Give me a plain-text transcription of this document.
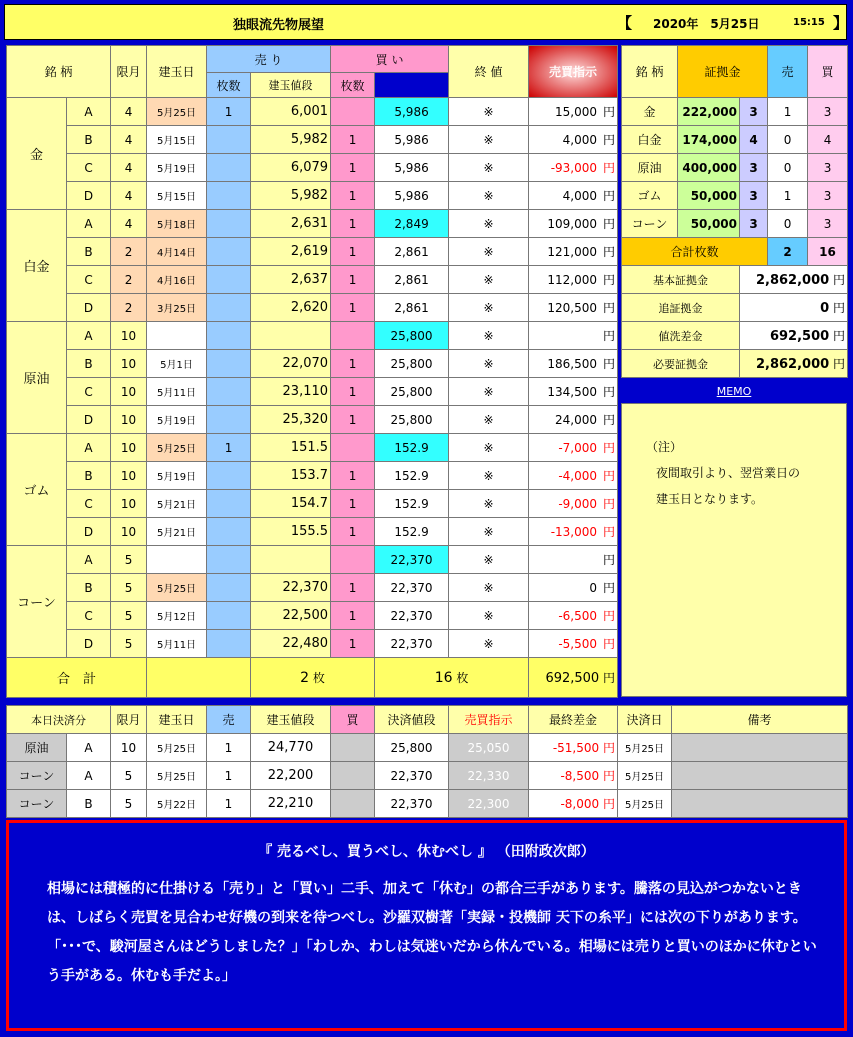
独眼流先物展望	【 2020年　5月25日	15:15 】
銘 柄		限月	建玉日	売 り		買 い		終 値	売買指示	
				枚数	建玉値段	枚数				
金	A	4	5月25日	1	6,001		5,986	※	15,000 円	
	B	4	5月15日		5,982	1	5,986	※	4,000 円	
	C	4	5月19日		6,079	1	5,986	※	-93,000 円	
	D	4	5月15日		5,982	1	5,986	※	4,000 円	
白金	A	4	5月18日		2,631	1	2,849	※	109,000 円	
	B	2	4月14日		2,619	1	2,861	※	121,000 円	
	C	2	4月16日		2,637	1	2,861	※	112,000 円	
	D	2	3月25日		2,620	1	2,861	※	120,500 円	
原油	A	10					25,800	※	円	
	B	10	5月1日		22,070	1	25,800	※	186,500 円	
	C	10	5月11日		23,110	1	25,800	※	134,500 円	
	D	10	5月19日		25,320	1	25,800	※	24,000 円	
ゴム	A	10	5月25日	1	151.5		152.9	※	-7,000 円	
	B	10	5月19日		153.7	1	152.9	※	-4,000 円	
	C	10	5月21日		154.7	1	152.9	※	-9,000 円	
	D	10	5月21日		155.5	1	152.9	※	-13,000 円	
コーン	A	5					22,370	※	円	
	B	5	5月25日		22,370	1	22,370	※	0 円	
	C	5	5月12日		22,500	1	22,370	※	-6,500 円	
	D	5	5月11日		22,480	1	22,370	※	-5,500 円	
合　計					2 枚		16 枚		692,500 円	
銘 柄	証拠金		売	買
金	222,000	3	1	3
白金	174,000	4	0	4
原油	400,000	3	0	3
ゴム	50,000	3	1	3
コーン	50,000	3	0	3
合計枚数			2	16
基本証拠金		2,862,000 円		
追証拠金		0 円		
値洗差金		692,500 円		
必要証拠金		2,862,000 円		
MEMO
（注）
夜間取引より、翌営業日の
建玉日となります。
本日決済分		限月	建玉日	売	建玉値段	買	決済値段	売買指示	最終差金	決済日	備考
原油	A	10	5月25日	1	24,770		25,800	25,050	-51,500 円	5月25日	
コーン	A	5	5月25日	1	22,200		22,370	22,330	-8,500 円	5月25日	
コーン	B	5	5月22日	1	22,210		22,370	22,300	-8,000 円	5月25日	
『 売るべし、買うべし、休むべし 』 （田附政次郎）
相場には積極的に仕掛ける「売り」と「買い」二手、加えて「休む」の都合三手があります。騰落の見込がつかないときは、しばらく売買を見合わせ好機の到来を待つべし。沙羅双樹著「実録・投機師 天下の糸平」には次の下りがあります。「･･･で、駿河屋さんはどうしました？」「わしか、わしは気迷いだから休んでいる。相場には売りと買いのほかに休むという手がある。休むも手だよ。」
